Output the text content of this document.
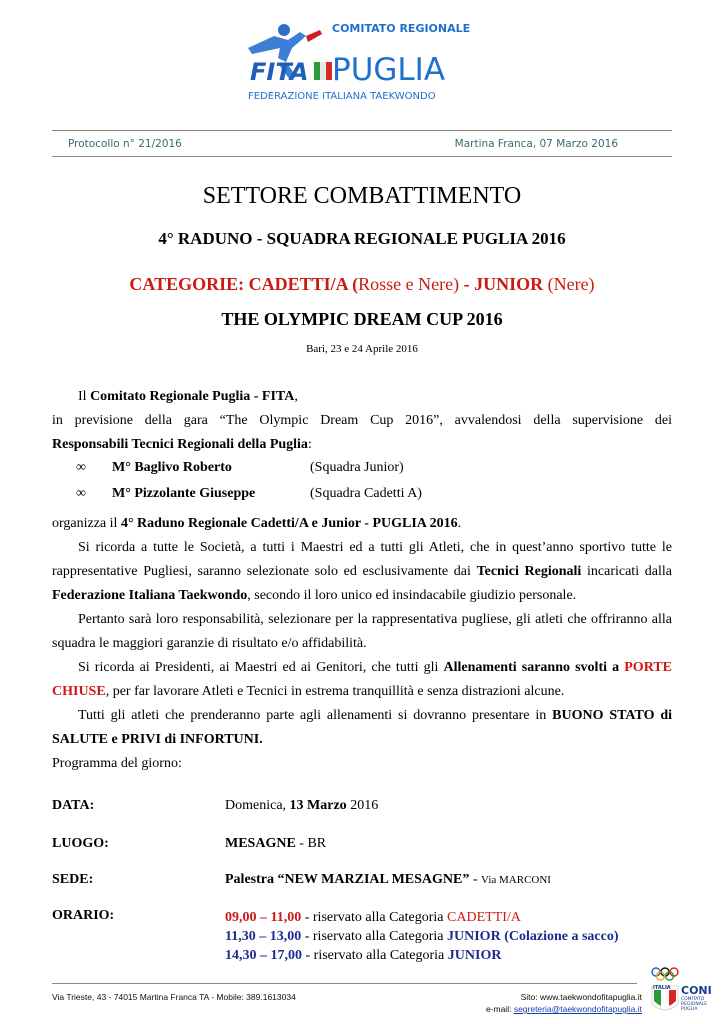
COMITATO REGIONALE
FITA PUGLIA
FEDERAZIONE ITALIANA TAEKWONDO
Protocollo n° 21/2016	Martina Franca, 07 Marzo 2016
SETTORE COMBATTIMENTO
4° RADUNO - SQUADRA REGIONALE PUGLIA 2016
CATEGORIE: CADETTI/A (Rosse e Nere) - JUNIOR (Nere)
THE OLYMPIC DREAM CUP 2016
Bari, 23 e 24 Aprile 2016
Il Comitato Regionale Puglia - FITA,
in previsione della gara “The Olympic Dream Cup 2016”, avvalendosi della supervisione dei
Responsabili Tecnici Regionali della Puglia:
∞ M° Baglivo Roberto	(Squadra Junior)
∞ M° Pizzolante Giuseppe	(Squadra Cadetti A)
organizza il 4° Raduno Regionale Cadetti/A e Junior - PUGLIA 2016.
Si ricorda a tutte le Società, a tutti i Maestri ed a tutti gli Atleti, che in quest’anno sportivo tutte le rappresentative Pugliesi, saranno selezionate solo ed esclusivamente dai Tecnici Regionali incaricati dalla Federazione Italiana Taekwondo, secondo il loro unico ed insindacabile giudizio personale.
Pertanto sarà loro responsabilità, selezionare per la rappresentativa pugliese, gli atleti che offriranno alla squadra le maggiori garanzie di risultato e/o affidabilità.
Si ricorda ai Presidenti, ai Maestri ed ai Genitori, che tutti gli Allenamenti saranno svolti a PORTE CHIUSE, per far lavorare Atleti e Tecnici in estrema tranquillità e senza distrazioni alcune.
Tutti gli atleti che prenderanno parte agli allenamenti si dovranno presentare in BUONO STATO di SALUTE e PRIVI di INFORTUNI.
Programma del giorno:
DATA:	Domenica, 13 Marzo 2016
LUOGO:	MESAGNE - BR
SEDE:	Palestra “NEW MARZIAL MESAGNE” - Via MARCONI
ORARIO:	09,00 – 11,00 - riservato alla Categoria CADETTI/A
11,30 – 13,00 - riservato alla Categoria JUNIOR (Colazione a sacco)
14,30 – 17,00 - riservato alla Categoria JUNIOR
Via Trieste, 43 - 74015 Martina Franca TA - Mobile: 389.1613034	Sito: www.taekwondofitapuglia.it
e-mail: segreteria@taekwondofitapuglia.it
ITALIA CONI
COMITATO
REGIONALE
PUGLIA
